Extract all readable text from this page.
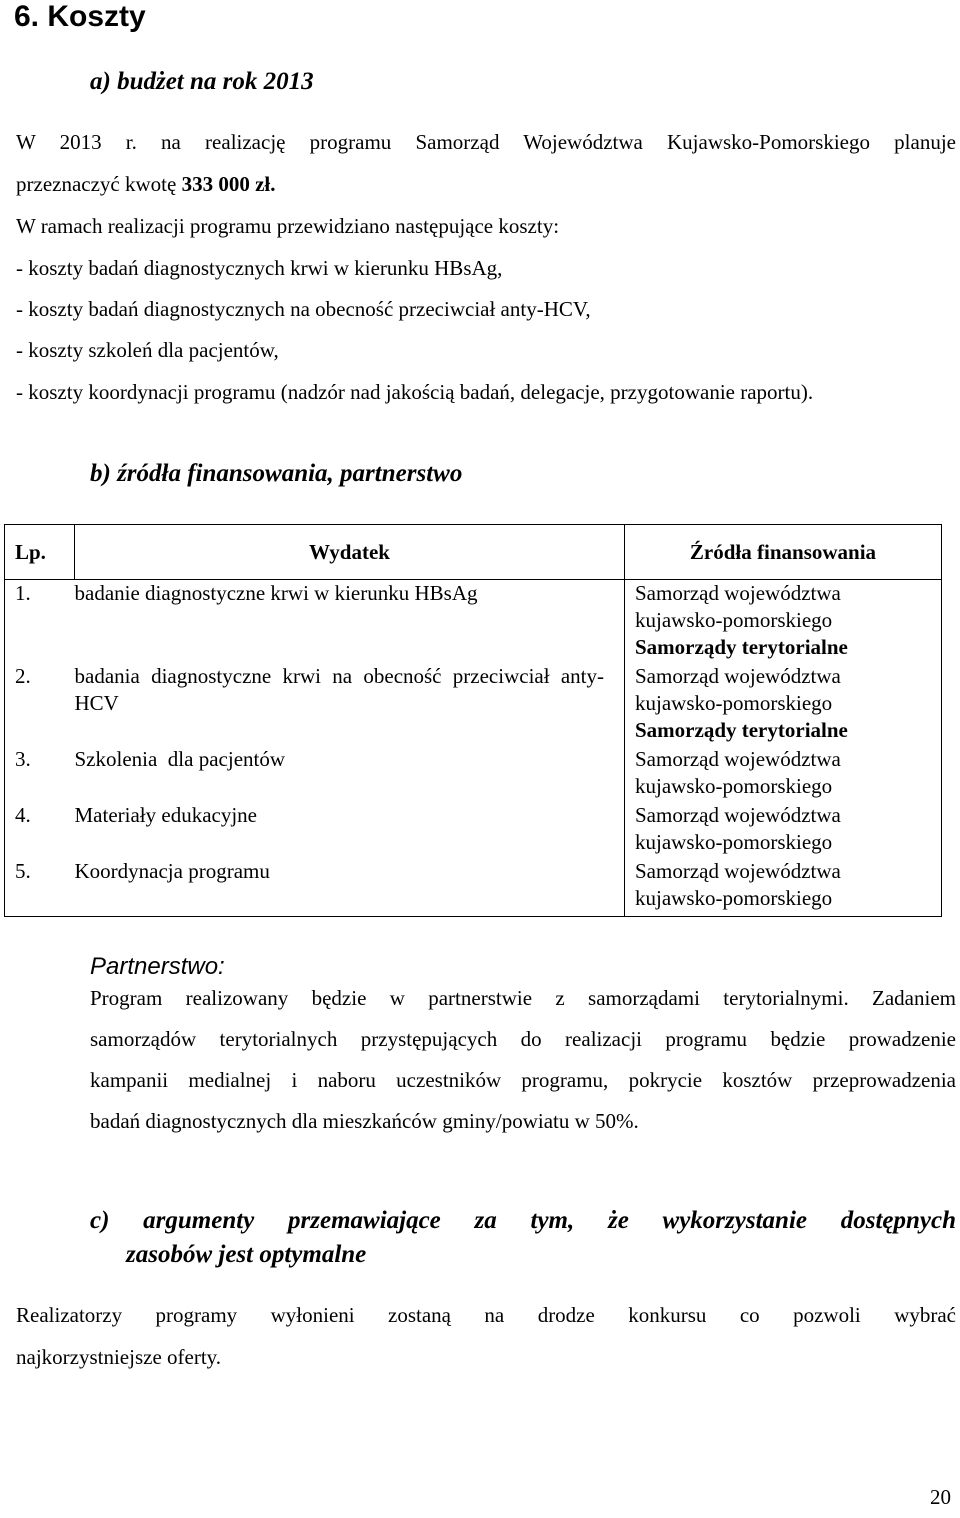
6. Koszty
a) budżet na rok 2013
W 2013 r. na realizację programu Samorząd Województwa Kujawsko-Pomorskiego planuje
przeznaczyć kwotę 333 000 zł.
W ramach realizacji programu przewidziano następujące koszty:
- koszty badań diagnostycznych krwi w kierunku HBsAg,
- koszty badań diagnostycznych na obecność przeciwciał anty-HCV,
- koszty szkoleń dla pacjentów,
- koszty koordynacji programu (nadzór nad jakością badań, delegacje, przygotowanie raportu).
b) źródła finansowania, partnerstwo
Lp.	Wydatek	Źródła finansowania
1.	badanie diagnostyczne krwi w kierunku HBsAg	Samorząd województwa
kujawsko-pomorskiego
Samorządy terytorialne

2.	badania diagnostyczne krwi na obecność przeciwciał anty-HCV	Samorząd województwa
kujawsko-pomorskiego
Samorządy terytorialne

3.	Szkolenia  dla pacjentów	Samorząd województwa
kujawsko-pomorskiego

4.	Materiały edukacyjne	Samorząd województwa
kujawsko-pomorskiego

5.	Koordynacja programu	Samorząd województwa
kujawsko-pomorskiego
Partnerstwo:
Program realizowany będzie w partnerstwie z samorządami terytorialnymi. Zadaniem
samorządów terytorialnych przystępujących do realizacji programu będzie prowadzenie
kampanii medialnej i naboru uczestników programu, pokrycie kosztów przeprowadzenia
badań diagnostycznych dla mieszkańców gminy/powiatu w 50%.
c) argumenty przemawiające za tym, że wykorzystanie dostępnych
zasobów jest optymalne
Realizatorzy programy wyłonieni zostaną na drodze konkursu co pozwoli wybrać
najkorzystniejsze oferty.
20
